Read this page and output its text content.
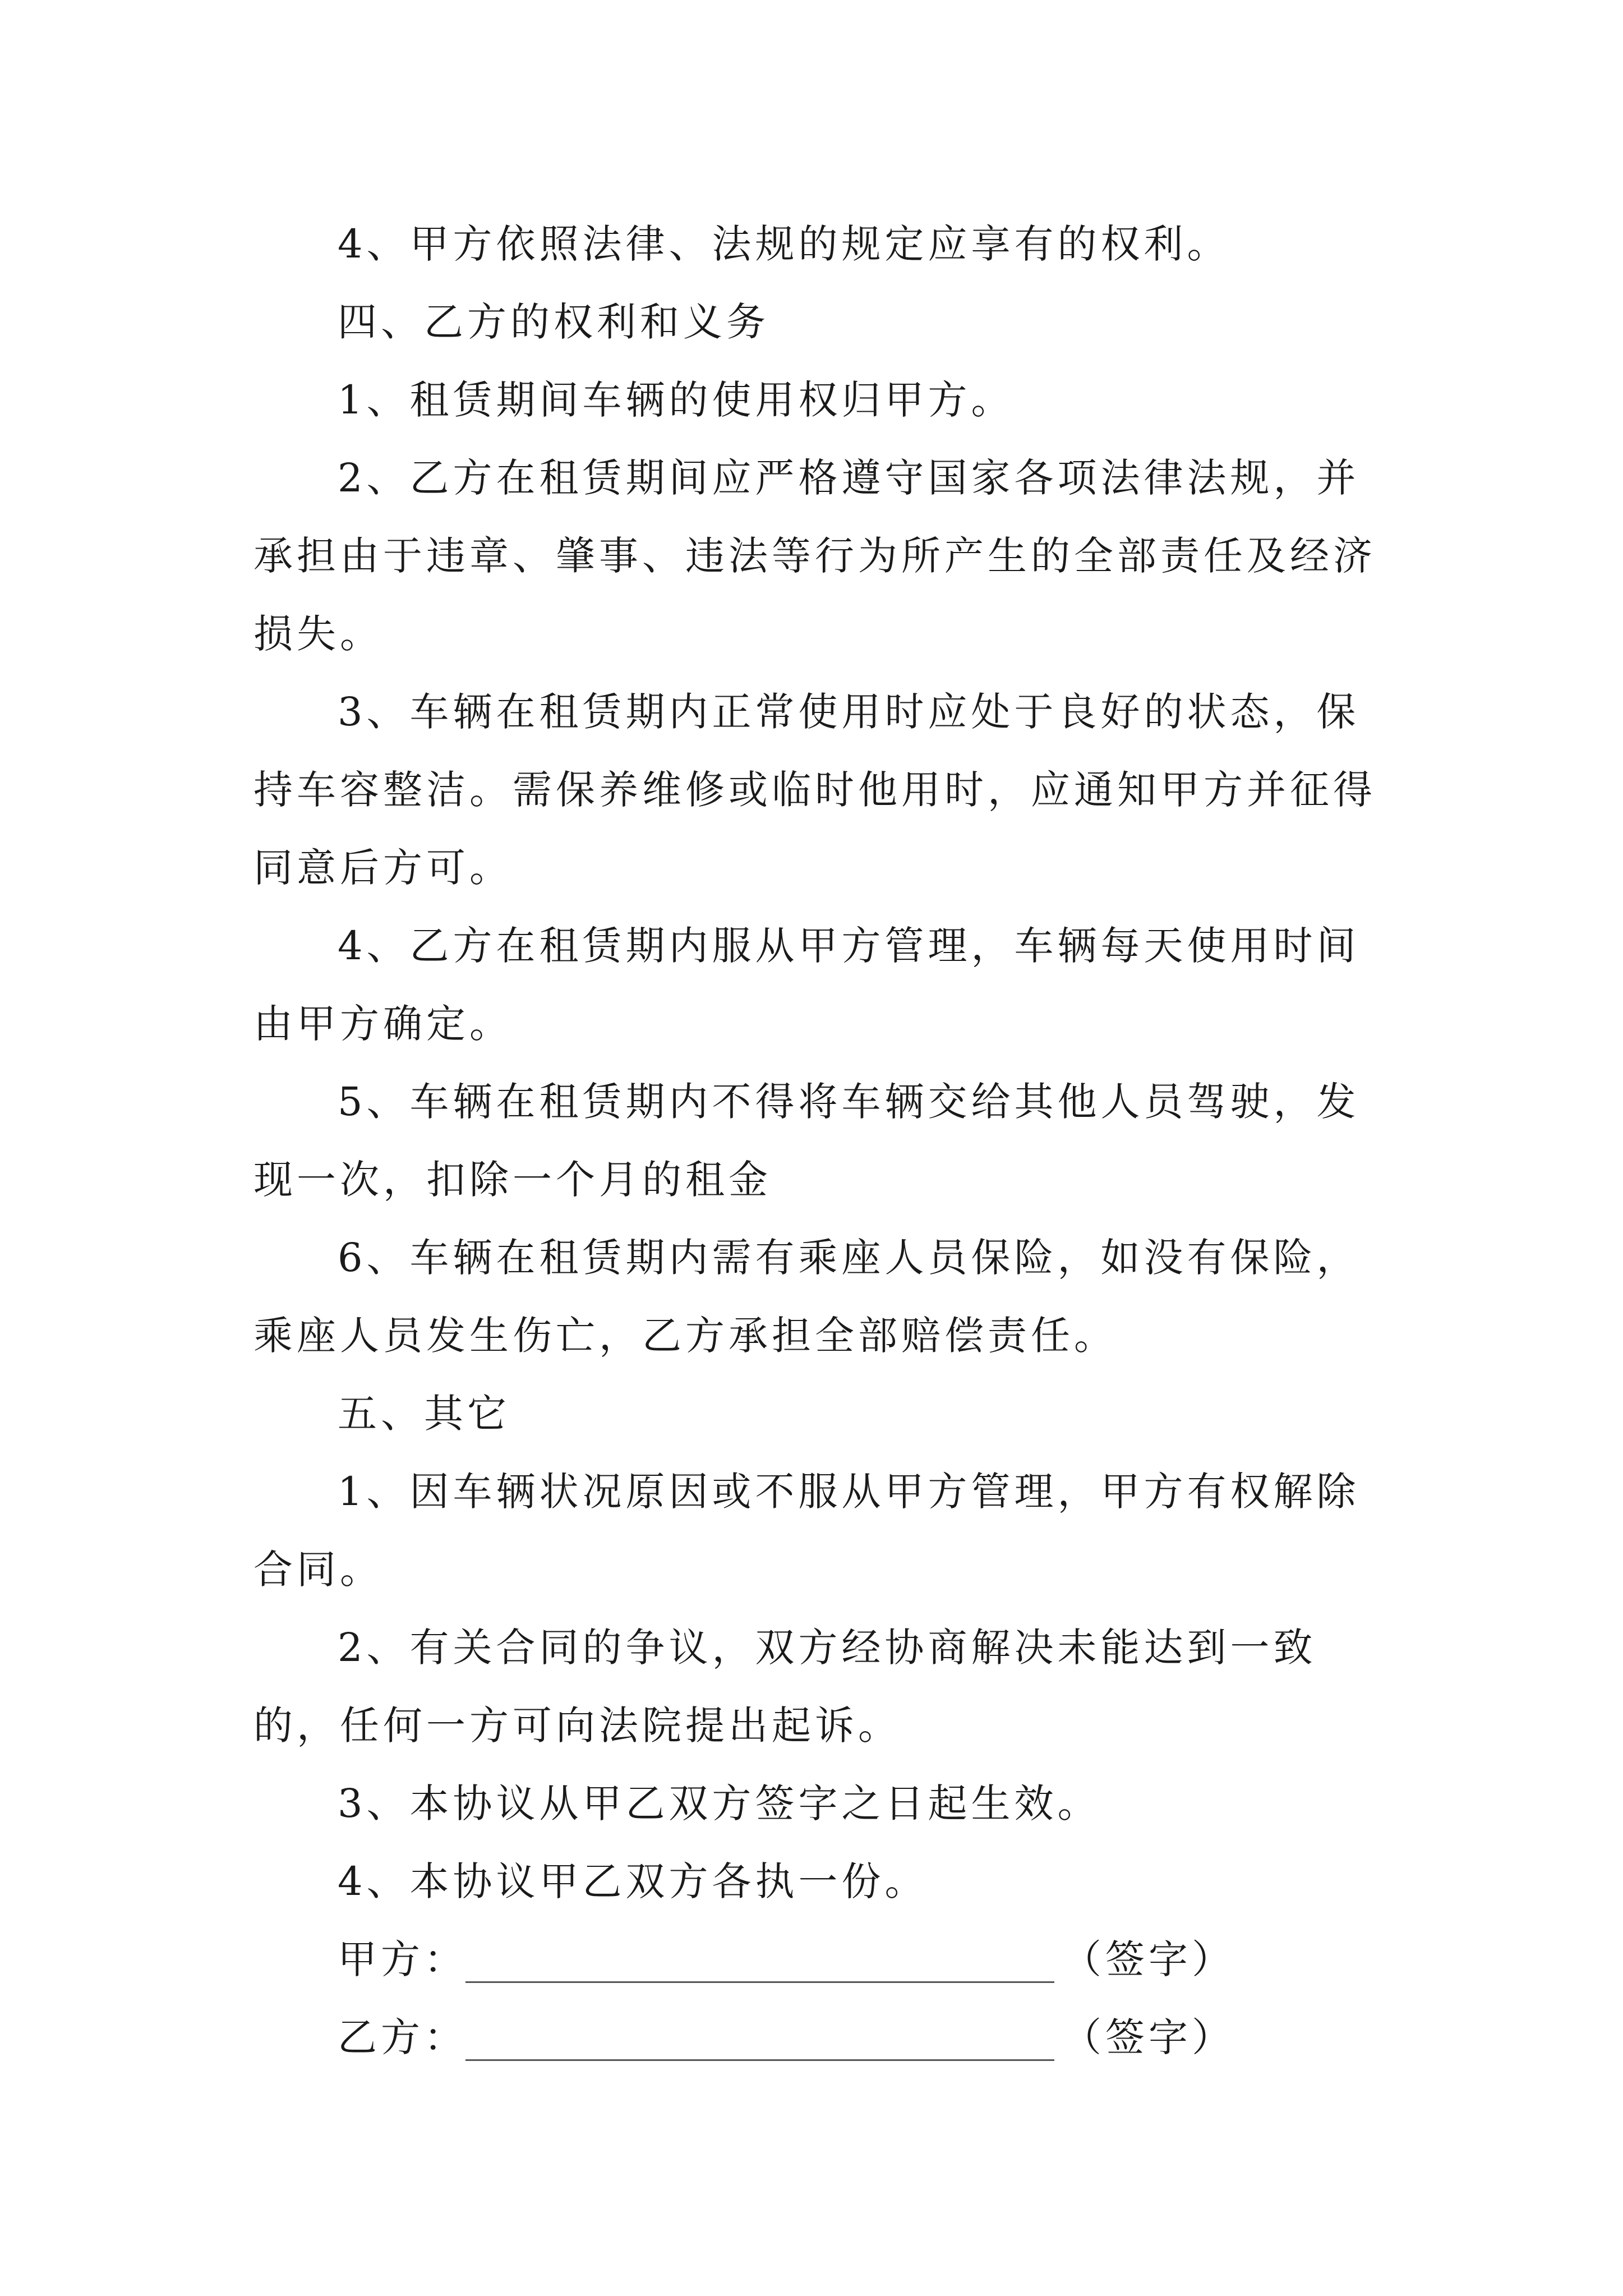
4、甲方依照法律、法规的规定应享有的权利。

四、乙方的权利和义务

1、租赁期间车辆的使用权归甲方。

2、乙方在租赁期间应严格遵守国家各项法律法规，并承担由于违章、肇事、违法等行为所产生的全部责任及经济损失。

3、车辆在租赁期内正常使用时应处于良好的状态，保持车容整洁。需保养维修或临时他用时，应通知甲方并征得同意后方可。

4、乙方在租赁期内服从甲方管理，车辆每天使用时间由甲方确定。

5、车辆在租赁期内不得将车辆交给其他人员驾驶，发现一次，扣除一个月的租金

6、车辆在租赁期内需有乘座人员保险，如没有保险，乘座人员发生伤亡，乙方承担全部赔偿责任。

五、其它

1、因车辆状况原因或不服从甲方管理，甲方有权解除合同。

2、有关合同的争议，双方经协商解决未能达到一致的，任何一方可向法院提出起诉。

3、本协议从甲乙双方签字之日起生效。

4、本协议甲乙双方各执一份。

甲方：	（签字）
乙方：	（签字）
